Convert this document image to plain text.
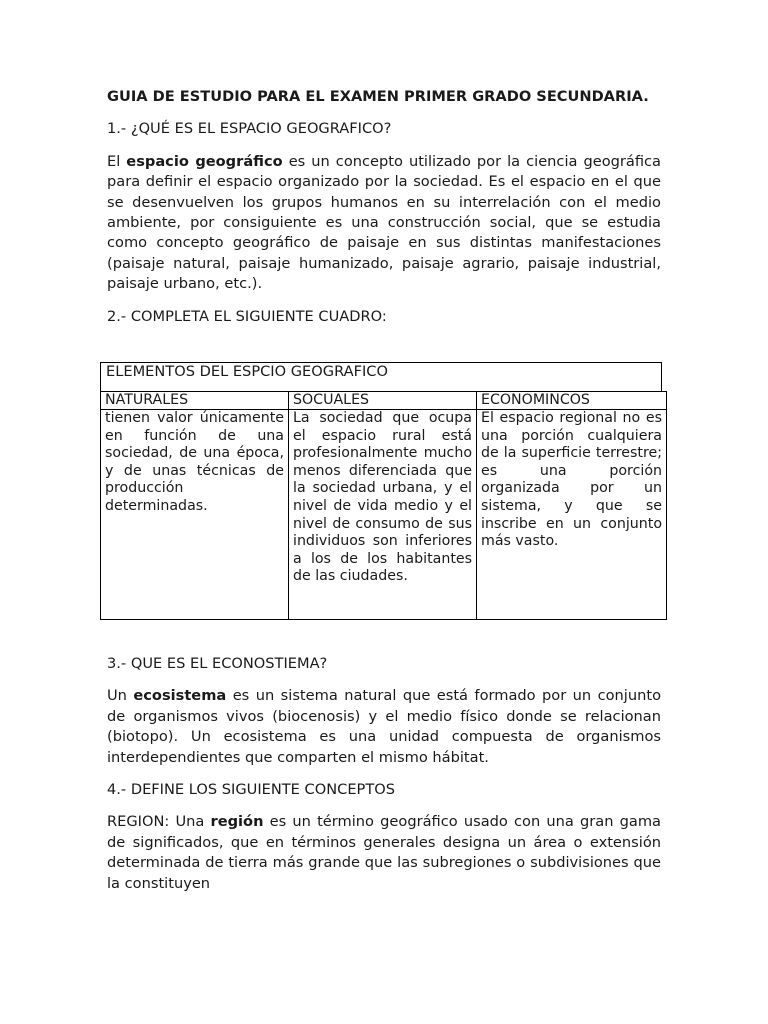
GUIA DE ESTUDIO PARA EL EXAMEN PRIMER GRADO SECUNDARIA.

1.- ¿QUÉ ES EL ESPACIO GEOGRAFICO?

El espacio geográfico es un concepto utilizado por la ciencia geográfica para definir el espacio organizado por la sociedad. Es el espacio en el que se desenvuelven los grupos humanos en su interrelación con el medio ambiente, por consiguiente es una construcción social, que se estudia como concepto geográfico de paisaje en sus distintas manifestaciones (paisaje natural, paisaje humanizado, paisaje agrario, paisaje industrial, paisaje urbano, etc.).

2.- COMPLETA EL SIGUIENTE CUADRO:

ELEMENTOS DEL ESPCIO GEOGRAFICO
NATURALES	SOCUALES	ECONOMINCOS
tienen valor únicamente en función de una sociedad, de una época, y de unas técnicas de producción determinadas.	La sociedad que ocupa el espacio rural está profesionalmente mucho menos diferenciada que la sociedad urbana, y el nivel de vida medio y el nivel de consumo de sus individuos son inferiores a los de los habitantes de las ciudades.	El espacio regional no es una porción cualquiera de la superficie terrestre; es una porción organizada por un sistema, y que se inscribe en un conjunto más vasto.

3.- QUE ES EL ECONOSTIEMA?

Un ecosistema es un sistema natural que está formado por un conjunto de organismos vivos (biocenosis) y el medio físico donde se relacionan (biotopo). Un ecosistema es una unidad compuesta de organismos interdependientes que comparten el mismo hábitat.

4.- DEFINE LOS SIGUIENTE CONCEPTOS

REGION: Una región es un término geográfico usado con una gran gama de significados, que en términos generales designa un área o extensión determinada de tierra más grande que las subregiones o subdivisiones que la constituyen
